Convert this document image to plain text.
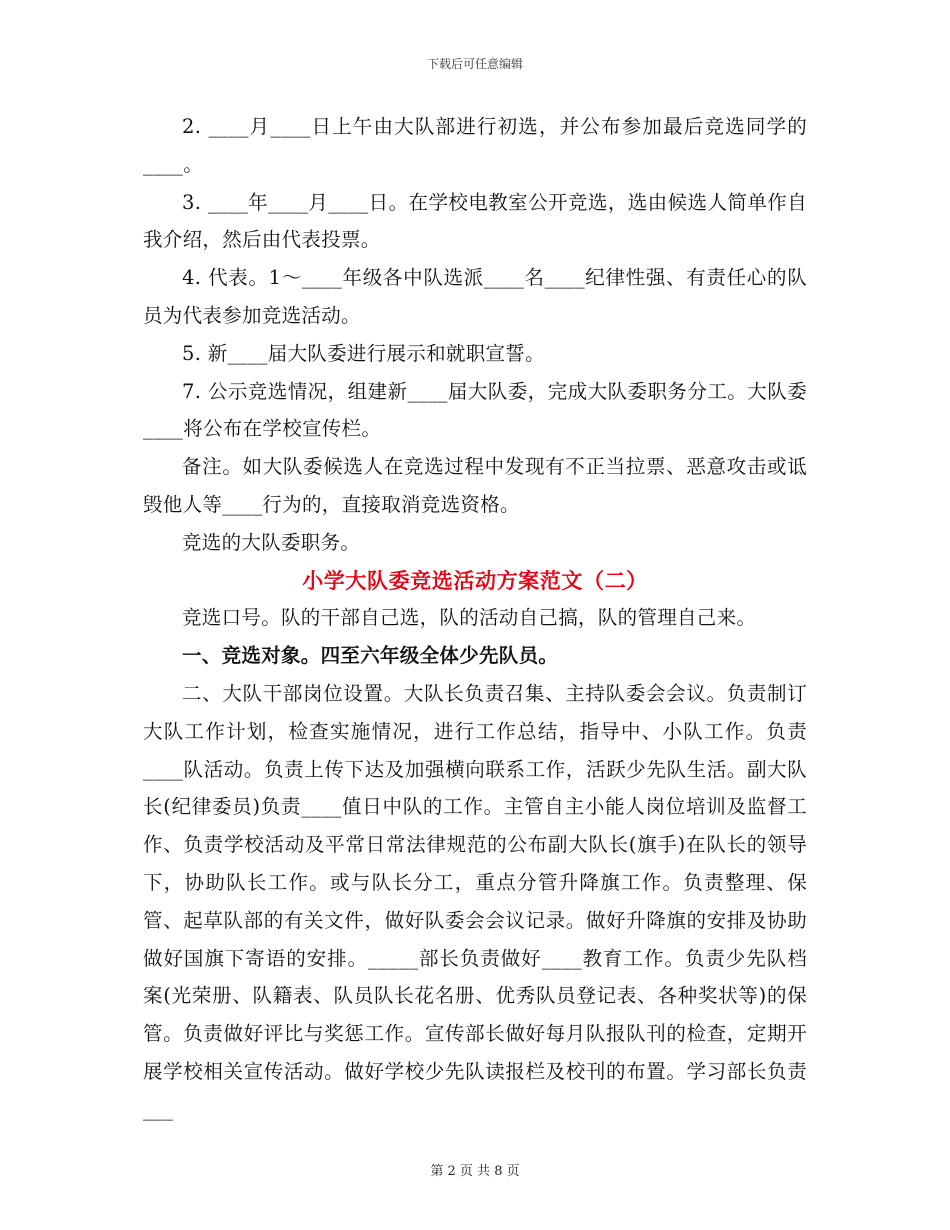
下载后可任意编辑

2. ____月____日上午由大队部进行初选，并公布参加最后竞选同学的____。

3. ____年____月____日。在学校电教室公开竞选，选由候选人简单作自我介绍，然后由代表投票。

4. 代表。1～____年级各中队选派____名____纪律性强、有责任心的队员为代表参加竞选活动。

5. 新____届大队委进行展示和就职宣誓。

7. 公示竞选情况，组建新____届大队委，完成大队委职务分工。大队委____将公布在学校宣传栏。

备注。如大队委候选人在竞选过程中发现有不正当拉票、恶意攻击或诋毁他人等____行为的，直接取消竞选资格。

竞选的大队委职务。

小学大队委竞选活动方案范文（二）

竞选口号。队的干部自己选，队的活动自己搞，队的管理自己来。

一、竞选对象。四至六年级全体少先队员。

二、大队干部岗位设置。大队长负责召集、主持队委会会议。负责制订大队工作计划，检查实施情况，进行工作总结，指导中、小队工作。负责____队活动。负责上传下达及加强横向联系工作，活跃少先队生活。副大队长(纪律委员)负责____值日中队的工作。主管自主小能人岗位培训及监督工作、负责学校活动及平常日常法律规范的公布副大队长(旗手)在队长的领导下，协助队长工作。或与队长分工，重点分管升降旗工作。负责整理、保管、起草队部的有关文件，做好队委会会议记录。做好升降旗的安排及协助做好国旗下寄语的安排。_____部长负责做好____教育工作。负责少先队档案(光荣册、队籍表、队员队长花名册、优秀队员登记表、各种奖状等)的保管。负责做好评比与奖惩工作。宣传部长做好每月队报队刊的检查，定期开展学校相关宣传活动。做好学校少先队读报栏及校刊的布置。学习部长负责___

第 2 页 共 8 页
